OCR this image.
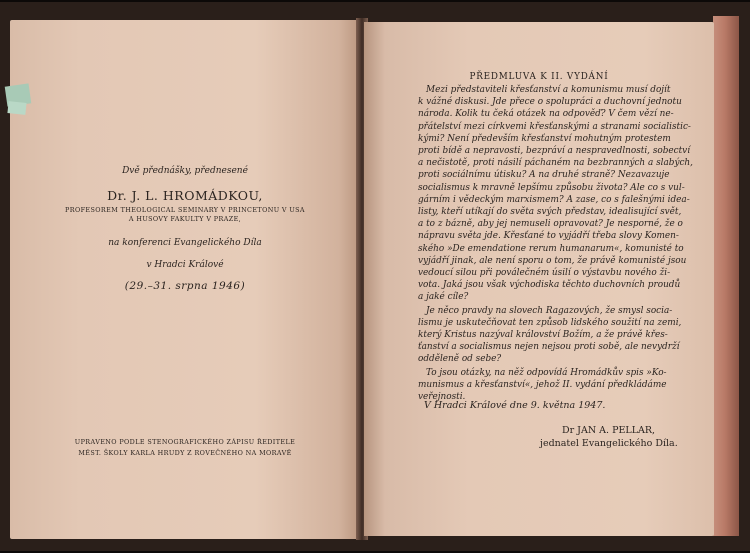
Dvě přednášky, přednesené
Dr. J. L. HROMÁDKOU,
PROFESOREM THEOLOGICAL SEMINARY V PRINCETONU V USA
A HUSOVY FAKULTY V PRAZE,
na konferenci Evangelického Díla
v Hradci Králové
(29.–31. srpna 1946)
UPRAVENO PODLE STENOGRAFICKÉHO ZÁPISU ŘEDITELE
MĚST. ŠKOLY KARLA HRUDY Z ROVEČNÉHO NA MORAVĚ
PŘEDMLUVA K II. VYDÁNÍ
Mezi představiteli křesťanství a komunismu musí dojít
k vážné diskusi. Jde přece o spolupráci a duchovní jednotu
národa. Kolik tu čeká otázek na odpověď? V čem vězí ne-
přátelství mezi církvemi křesťanskými a stranami socialistic-
kými? Není především křesťanství mohutným protestem
proti bídě a nepravosti, bezpráví a nespravedlnosti, sobectví
a nečistotě, proti násilí páchaném na bezbranných a slabých,
proti sociálnímu útisku? A na druhé straně? Nezavazuje
socialismus k mravně lepšímu způsobu života? Ale co s vul-
gárním i vědeckým marxismem? A zase, co s falešnými idea-
listy, kteří utíkají do světa svých představ, idealisující svět,
a to z bázně, aby jej nemuseli opravovat? Je nesporné, že o
nápravu světa jde. Křesťané to vyjádří třeba slovy Komen-
ského »De emendatione rerum humanarum«, komunisté to
vyjádří jinak, ale není sporu o tom, že právě komunisté jsou
vedoucí silou při poválečném úsilí o výstavbu nového ži-
vota. Jaká jsou však východiska těchto duchovních proudů
a jaké cíle?
Je něco pravdy na slovech Ragazových, že smysl socia-
lismu je uskutečňovat ten způsob lidského soužití na zemi,
který Kristus nazýval království Božím, a že právě křes-
ťanství a socialismus nejen nejsou proti sobě, ale nevydrží
odděleně od sebe?
To jsou otázky, na něž odpovídá Hromádkův spis »Ko-
munismus a křesťanství«, jehož II. vydání předkládáme
veřejnosti.
V Hradci Králové dne 9. května 1947.
Dr JAN A. PELLAR,
jednatel Evangelického Díla.
